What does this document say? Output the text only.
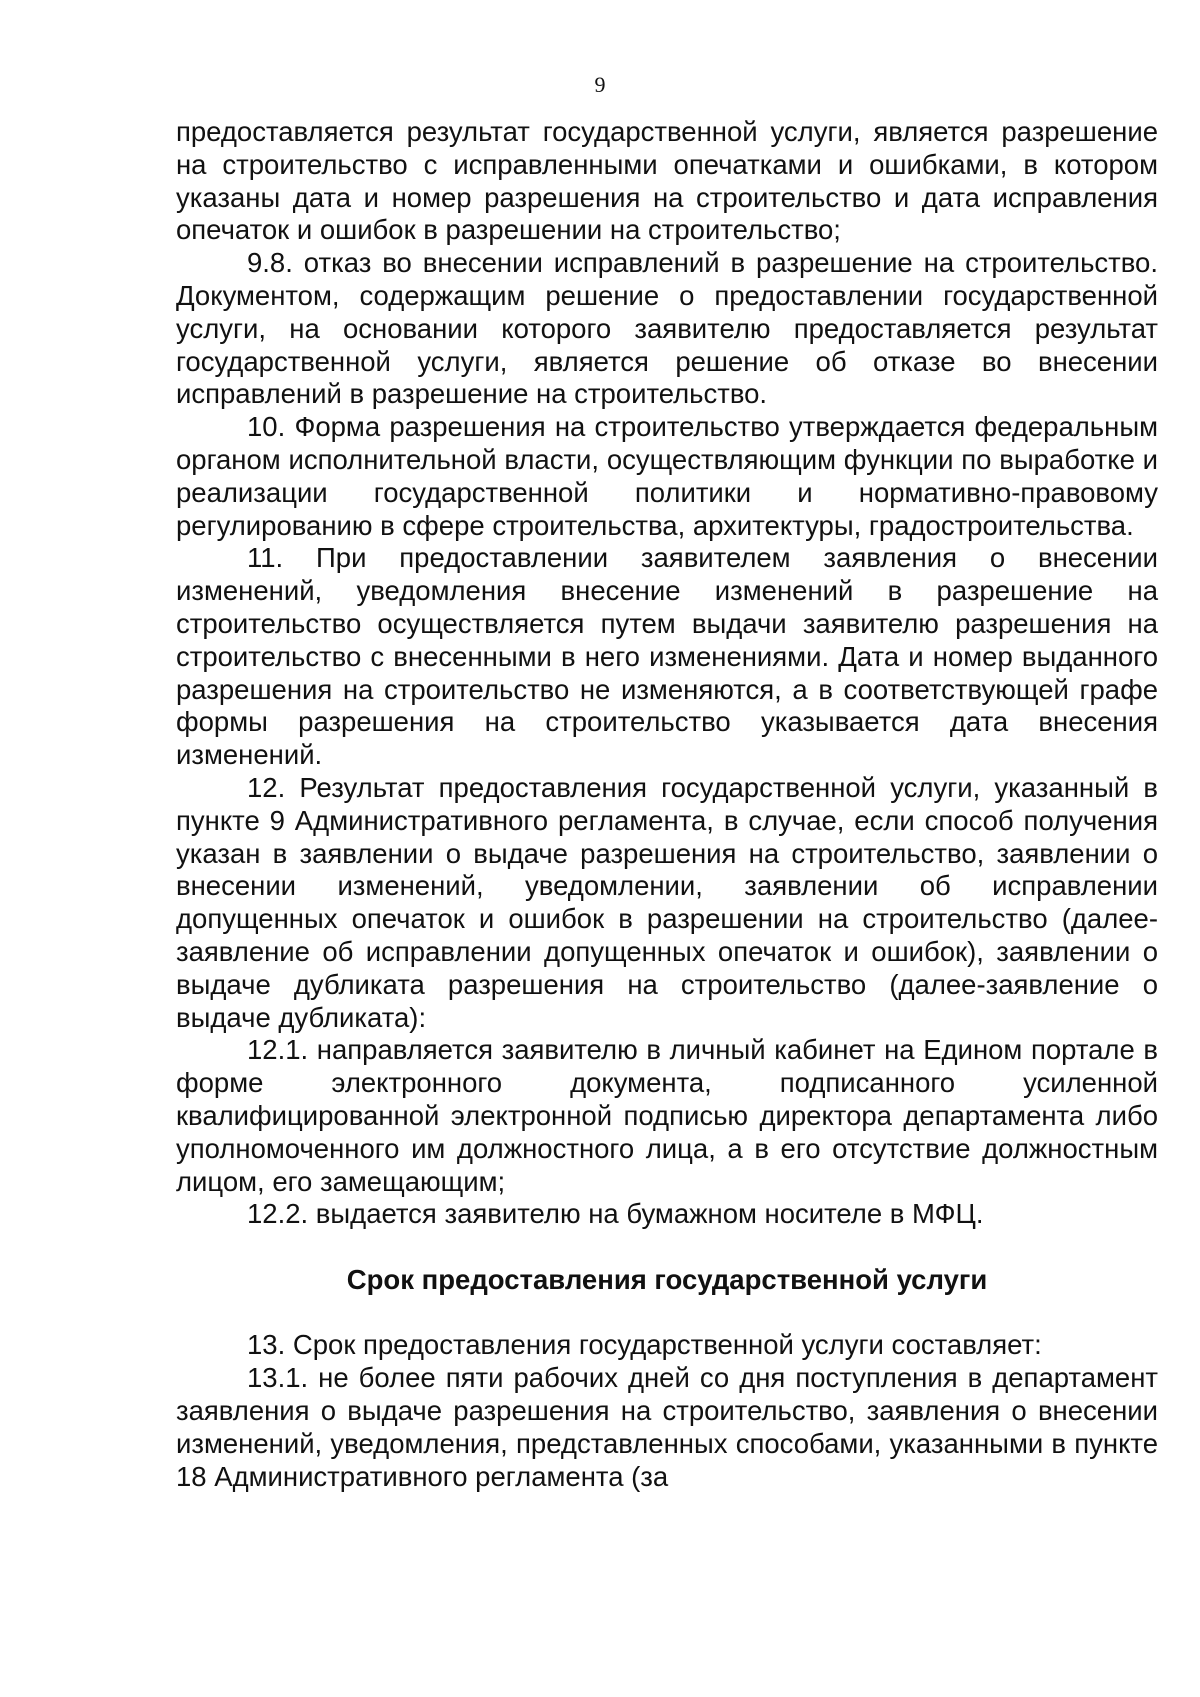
9

предоставляется результат государственной услуги, является разрешение на строительство с исправленными опечатками и ошибками, в котором указаны дата и номер разрешения на строительство и дата исправления опечаток и ошибок в разрешении на строительство;

9.8. отказ во внесении исправлений в разрешение на строительство. Документом, содержащим решение о предоставлении государственной услуги, на основании которого заявителю предоставляется результат государственной услуги, является решение об отказе во внесении исправлений в разрешение на строительство.

10. Форма разрешения на строительство утверждается федеральным органом исполнительной власти, осуществляющим функции по выработке и реализации государственной политики и нормативно-правовому регулированию в сфере строительства, архитектуры, градостроительства.

11. При предоставлении заявителем заявления о внесении изменений, уведомления внесение изменений в разрешение на строительство осуществляется путем выдачи заявителю разрешения на строительство с внесенными в него изменениями. Дата и номер выданного разрешения на строительство не изменяются, а в соответствующей графе формы разрешения на строительство указывается дата внесения изменений.

12. Результат предоставления государственной услуги, указанный в пункте 9 Административного регламента, в случае, если способ получения указан в заявлении о выдаче разрешения на строительство, заявлении о внесении изменений, уведомлении, заявлении об исправлении допущенных опечаток и ошибок в разрешении на строительство (далее-заявление об исправлении допущенных опечаток и ошибок), заявлении о выдаче дубликата разрешения на строительство (далее-заявление о выдаче дубликата):

12.1. направляется заявителю в личный кабинет на Едином портале в форме электронного документа, подписанного усиленной квалифицированной электронной подписью директора департамента либо уполномоченного им должностного лица, а в его отсутствие должностным лицом, его замещающим;

12.2. выдается заявителю на бумажном носителе в МФЦ.

Срок предоставления государственной услуги

13. Срок предоставления государственной услуги составляет:

13.1. не более пяти рабочих дней со дня поступления в департамент заявления о выдаче разрешения на строительство, заявления о внесении изменений, уведомления, представленных способами, указанными в пункте 18 Административного регламента (за
